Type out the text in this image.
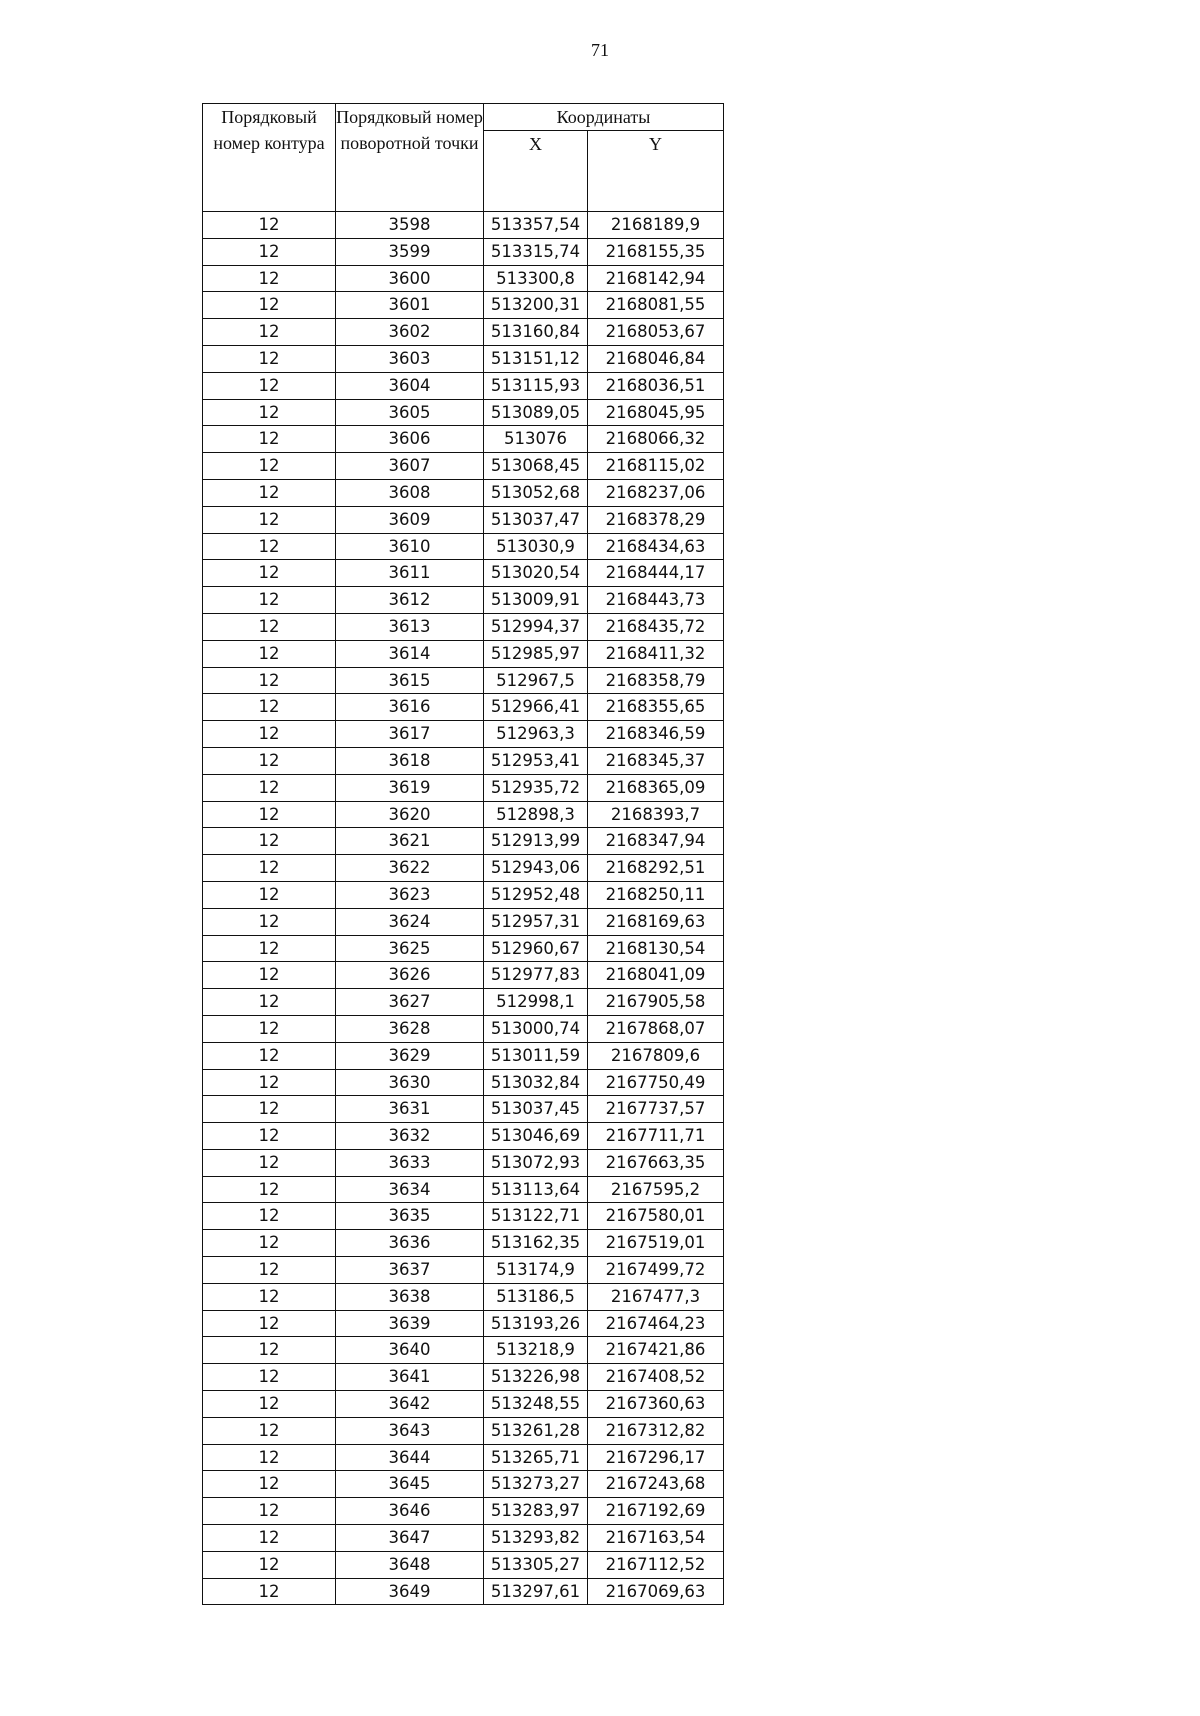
71
Порядковый номер контура	Порядковый номер поворотной точки	Координаты	
		X	Y
12	3598	513357,54	2168189,9
12	3599	513315,74	2168155,35
12	3600	513300,8	2168142,94
12	3601	513200,31	2168081,55
12	3602	513160,84	2168053,67
12	3603	513151,12	2168046,84
12	3604	513115,93	2168036,51
12	3605	513089,05	2168045,95
12	3606	513076	2168066,32
12	3607	513068,45	2168115,02
12	3608	513052,68	2168237,06
12	3609	513037,47	2168378,29
12	3610	513030,9	2168434,63
12	3611	513020,54	2168444,17
12	3612	513009,91	2168443,73
12	3613	512994,37	2168435,72
12	3614	512985,97	2168411,32
12	3615	512967,5	2168358,79
12	3616	512966,41	2168355,65
12	3617	512963,3	2168346,59
12	3618	512953,41	2168345,37
12	3619	512935,72	2168365,09
12	3620	512898,3	2168393,7
12	3621	512913,99	2168347,94
12	3622	512943,06	2168292,51
12	3623	512952,48	2168250,11
12	3624	512957,31	2168169,63
12	3625	512960,67	2168130,54
12	3626	512977,83	2168041,09
12	3627	512998,1	2167905,58
12	3628	513000,74	2167868,07
12	3629	513011,59	2167809,6
12	3630	513032,84	2167750,49
12	3631	513037,45	2167737,57
12	3632	513046,69	2167711,71
12	3633	513072,93	2167663,35
12	3634	513113,64	2167595,2
12	3635	513122,71	2167580,01
12	3636	513162,35	2167519,01
12	3637	513174,9	2167499,72
12	3638	513186,5	2167477,3
12	3639	513193,26	2167464,23
12	3640	513218,9	2167421,86
12	3641	513226,98	2167408,52
12	3642	513248,55	2167360,63
12	3643	513261,28	2167312,82
12	3644	513265,71	2167296,17
12	3645	513273,27	2167243,68
12	3646	513283,97	2167192,69
12	3647	513293,82	2167163,54
12	3648	513305,27	2167112,52
12	3649	513297,61	2167069,63
